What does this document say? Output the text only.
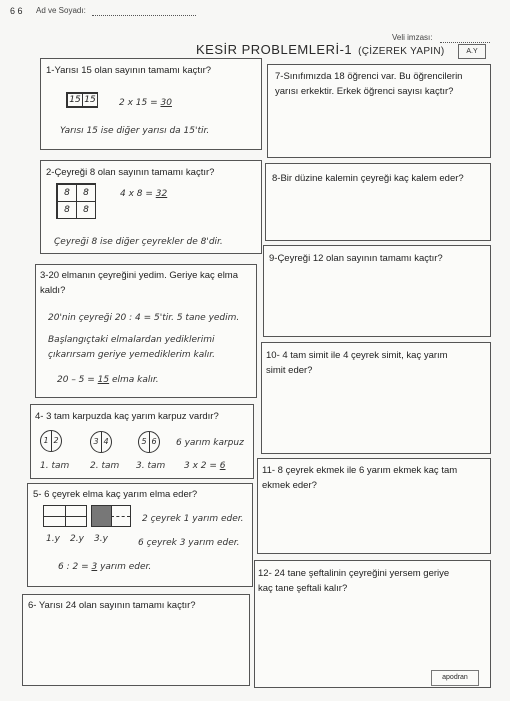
6 6 Ad ve Soyadı:
Veli imzası:
KESİR PROBLEMLERİ-1 (ÇİZEREK YAPIN)	A.Y
1-Yarısı 15 olan sayının tamamı kaçtır?
15 15	2 x 15 = 30
Yarısı 15 ise diğer yarısı da 15'tir.
2-Çeyreği 8 olan sayının tamamı kaçtır?
8	8
8	8
4 x 8 = 32
Çeyreği 8 ise diğer çeyrekler de 8'dir.
3-20 elmanın çeyreğini yedim. Geriye kaç elma
kaldı?
20'nin çeyreği 20 : 4 = 5'tir. 5 tane yedim.
Başlangıçtaki elmalardan yediklerimi
çıkarırsam geriye yemediklerim kalır.
20 – 5 = 15 elma kalır.
4- 3 tam karpuzda kaç yarım karpuz vardır?
1 2	3 4	5 6 6 yarım karpuz
1. tam 2. tam 3. tam 3 x 2 = 6
5- 6 çeyrek elma kaç yarım elma eder?
2 çeyrek 1 yarım eder.
1.y 2.y 3.y	6 çeyrek 3 yarım eder.
6 : 2 = 3 yarım eder.
6- Yarısı 24 olan sayının tamamı kaçtır?
7-Sınıfımızda 18 öğrenci var. Bu öğrencilerin
yarısı erkektir. Erkek öğrenci sayısı kaçtır?
8-Bir düzine kalemin çeyreği kaç kalem eder?
9-Çeyreği 12 olan sayının tamamı kaçtır?
10- 4 tam simit ile 4 çeyrek simit, kaç yarım
simit eder?
11- 8 çeyrek ekmek ile 6 yarım ekmek kaç tam
ekmek eder?
12- 24 tane şeftalinin çeyreğini yersem geriye
kaç tane şeftali kalır?
apodran
